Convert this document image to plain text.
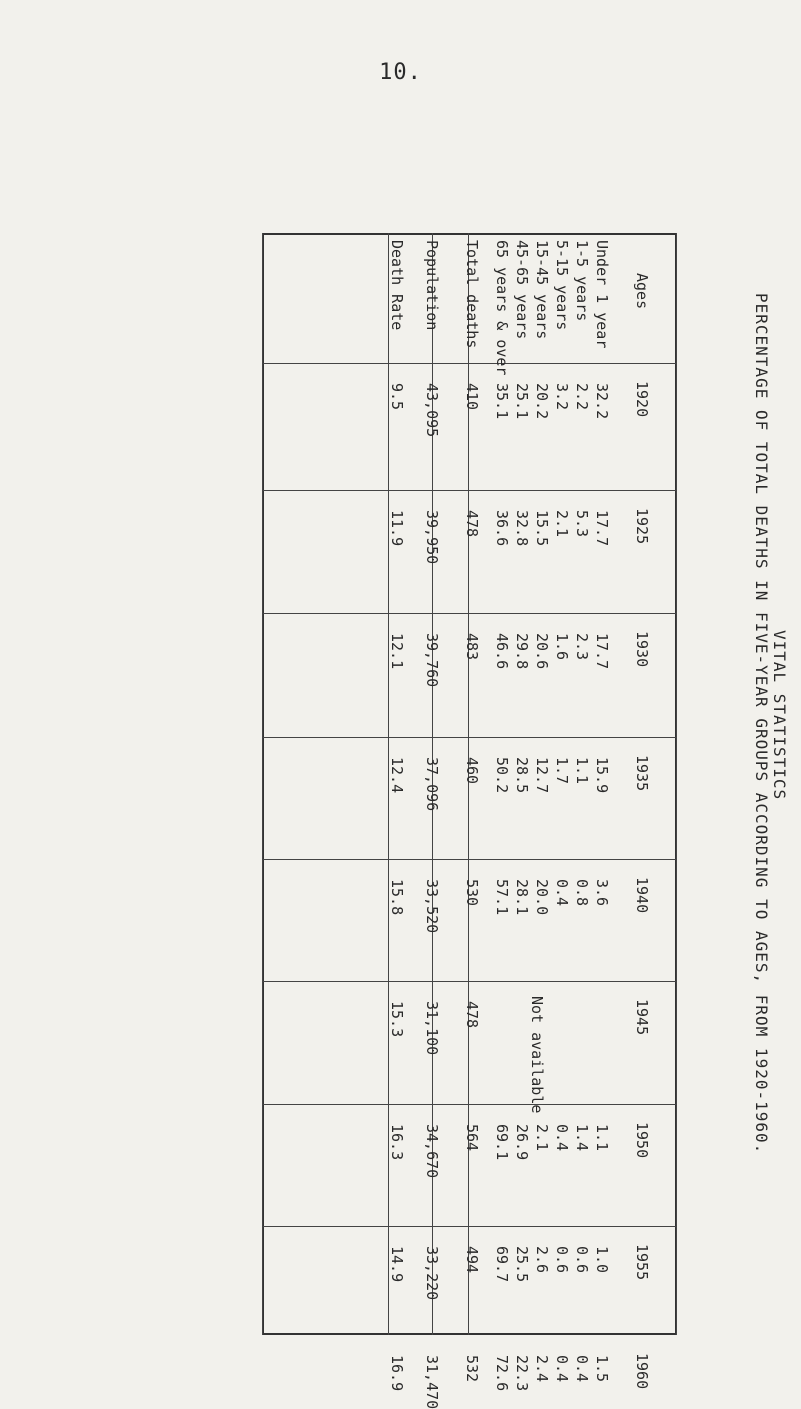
10.
VITAL STATISTICS
PERCENTAGE OF TOTAL DEATHS IN FIVE-YEAR GROUPS ACCORDING TO AGES, FROM 1920-1960.
Ages
1920
1925
1930
1935
1940
1945
1950
1955
1960
Under 1 year
32.2
17.7
17.7
15.9
3.6
1.1
1.0
1.5
1-5 years
2.2
5.3
2.3
1.1
0.8
1.4
0.6
0.4
5-15 years
3.2
2.1
1.6
1.7
0.4
0.4
0.6
0.4
15-45 years
20.2
15.5
20.6
12.7
20.0
2.1
2.6
2.4
45-65 years
25.1
32.8
29.8
28.5
28.1
26.9
25.5
22.3
65 years & over
35.1
36.6
46.6
50.2
57.1
69.1
69.7
72.6
Total deaths
410
478
483
460
530
478
564
494
532
Population
43,095
39,950
39,760
37,096
33,520
31,100
34,670
33,220
31,470
Death Rate
9.5
11.9
12.1
12.4
15.8
15.3
16.3
14.9
16.9
Not available
